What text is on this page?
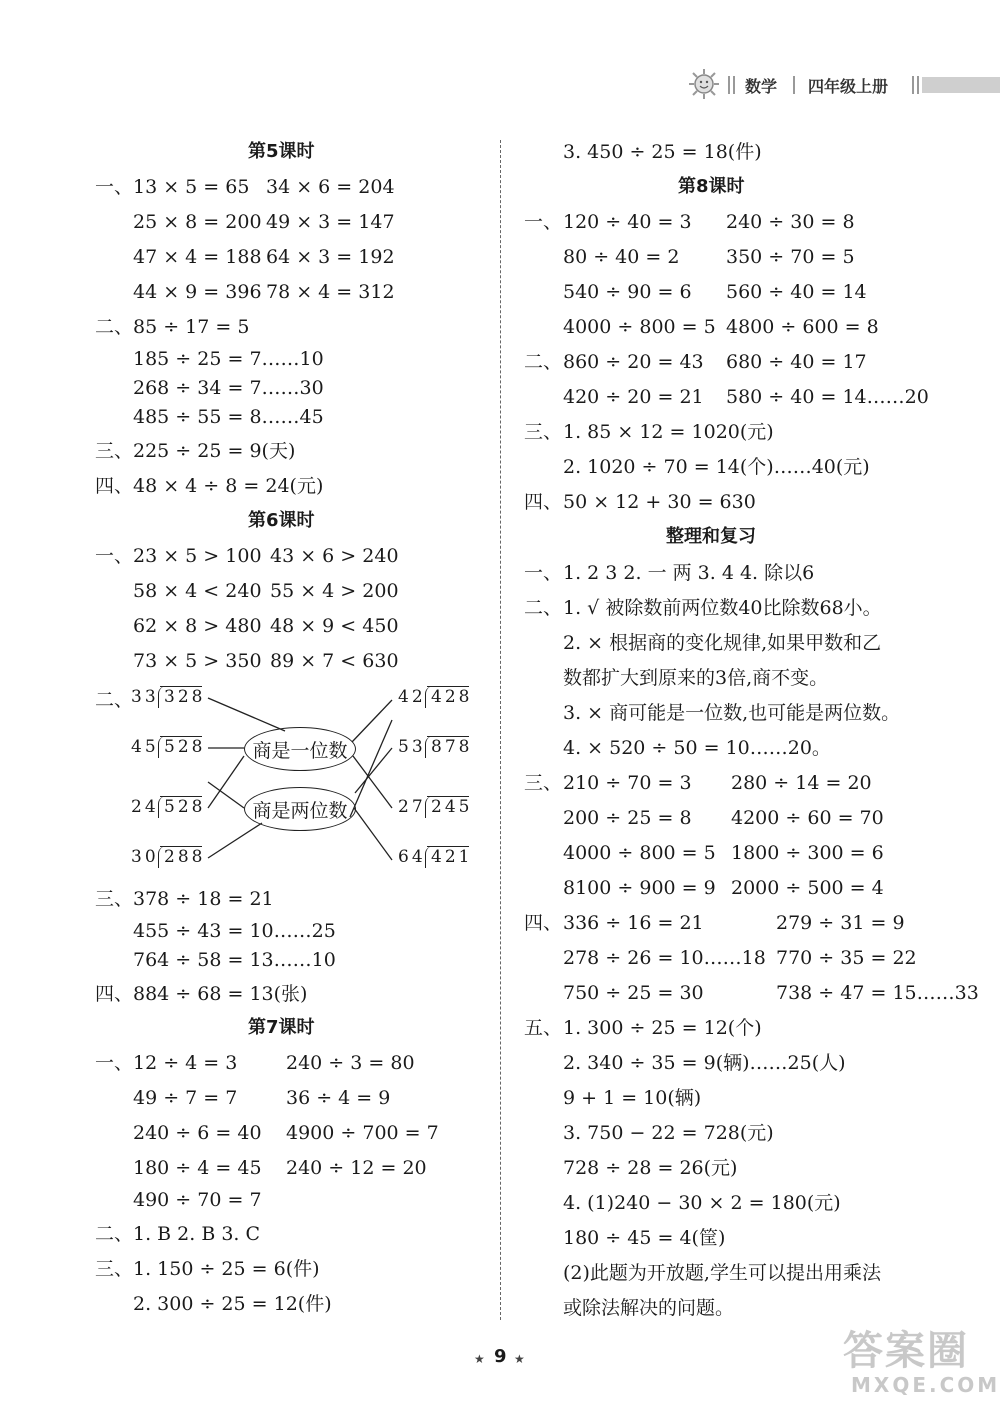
数学 四年级上册
第5课时
一、 13 × 5 = 65 34 × 6 = 204
25 × 8 = 200 49 × 3 = 147
47 × 4 = 188 64 × 3 = 192
44 × 9 = 396 78 × 4 = 312
二、 85 ÷ 17 = 5
185 ÷ 25 = 7……10
268 ÷ 34 = 7……30
485 ÷ 55 = 8……45
三、 225 ÷ 25 = 9(天)
四、 48 × 4 ÷ 8 = 24(元)
第6课时
一、 23 × 5 > 100 43 × 6 > 240
58 × 4 < 240 55 × 4 > 200
62 × 8 > 480 48 × 9 < 450
73 × 5 > 350 89 × 7 < 630
二、
商是一位数
商是两位数
33 328
45 528
24 528
30 288
42 428
53 878
27 245
64 421
三、 378 ÷ 18 = 21
455 ÷ 43 = 10……25
764 ÷ 58 = 13……10
四、 884 ÷ 68 = 13(张)
第7课时
一、 12 ÷ 4 = 3	240 ÷ 3 = 80
49 ÷ 7 = 7	36 ÷ 4 = 9
240 ÷ 6 = 40 4900 ÷ 700 = 7
180 ÷ 4 = 45 240 ÷ 12 = 20
490 ÷ 70 = 7
二、 1. B 2. B 3. C
三、 1. 150 ÷ 25 = 6(件)
2. 300 ÷ 25 = 12(件)
3. 450 ÷ 25 = 18(件)
第8课时
一、 120 ÷ 40 = 3 240 ÷ 30 = 8
80 ÷ 40 = 2 350 ÷ 70 = 5
540 ÷ 90 = 6 560 ÷ 40 = 14
4000 ÷ 800 = 5 4800 ÷ 600 = 8
二、 860 ÷ 20 = 43 680 ÷ 40 = 17
420 ÷ 20 = 21 580 ÷ 40 = 14……20
三、 1. 85 × 12 = 1020(元)
2. 1020 ÷ 70 = 14(个)……40(元)
四、 50 × 12 + 30 = 630
整理和复习
一、 1. 2 3 2. 一 两 3. 4 4. 除以6
二、 1. √ 被除数前两位数40比除数68小。
2. × 根据商的变化规律,如果甲数和乙
数都扩大到原来的3倍,商不变。
3. × 商可能是一位数,也可能是两位数。
4. × 520 ÷ 50 = 10……20。
三、 210 ÷ 70 = 3 280 ÷ 14 = 20
200 ÷ 25 = 8 4200 ÷ 60 = 70
4000 ÷ 800 = 5 1800 ÷ 300 = 6
8100 ÷ 900 = 9 2000 ÷ 500 = 4
四、 336 ÷ 16 = 21	279 ÷ 31 = 9
278 ÷ 26 = 10……18 770 ÷ 35 = 22
750 ÷ 25 = 30	738 ÷ 47 = 15……33
五、 1. 300 ÷ 25 = 12(个)
2. 340 ÷ 35 = 9(辆)……25(人)
9 + 1 = 10(辆)
3. 750 − 22 = 728(元)
728 ÷ 28 = 26(元)
4. (1)240 − 30 × 2 = 180(元)
180 ÷ 45 = 4(筐)
(2)此题为开放题,学生可以提出用乘法
或除法解决的问题。
★ 9 ★	答案圈
MXQE.COM
